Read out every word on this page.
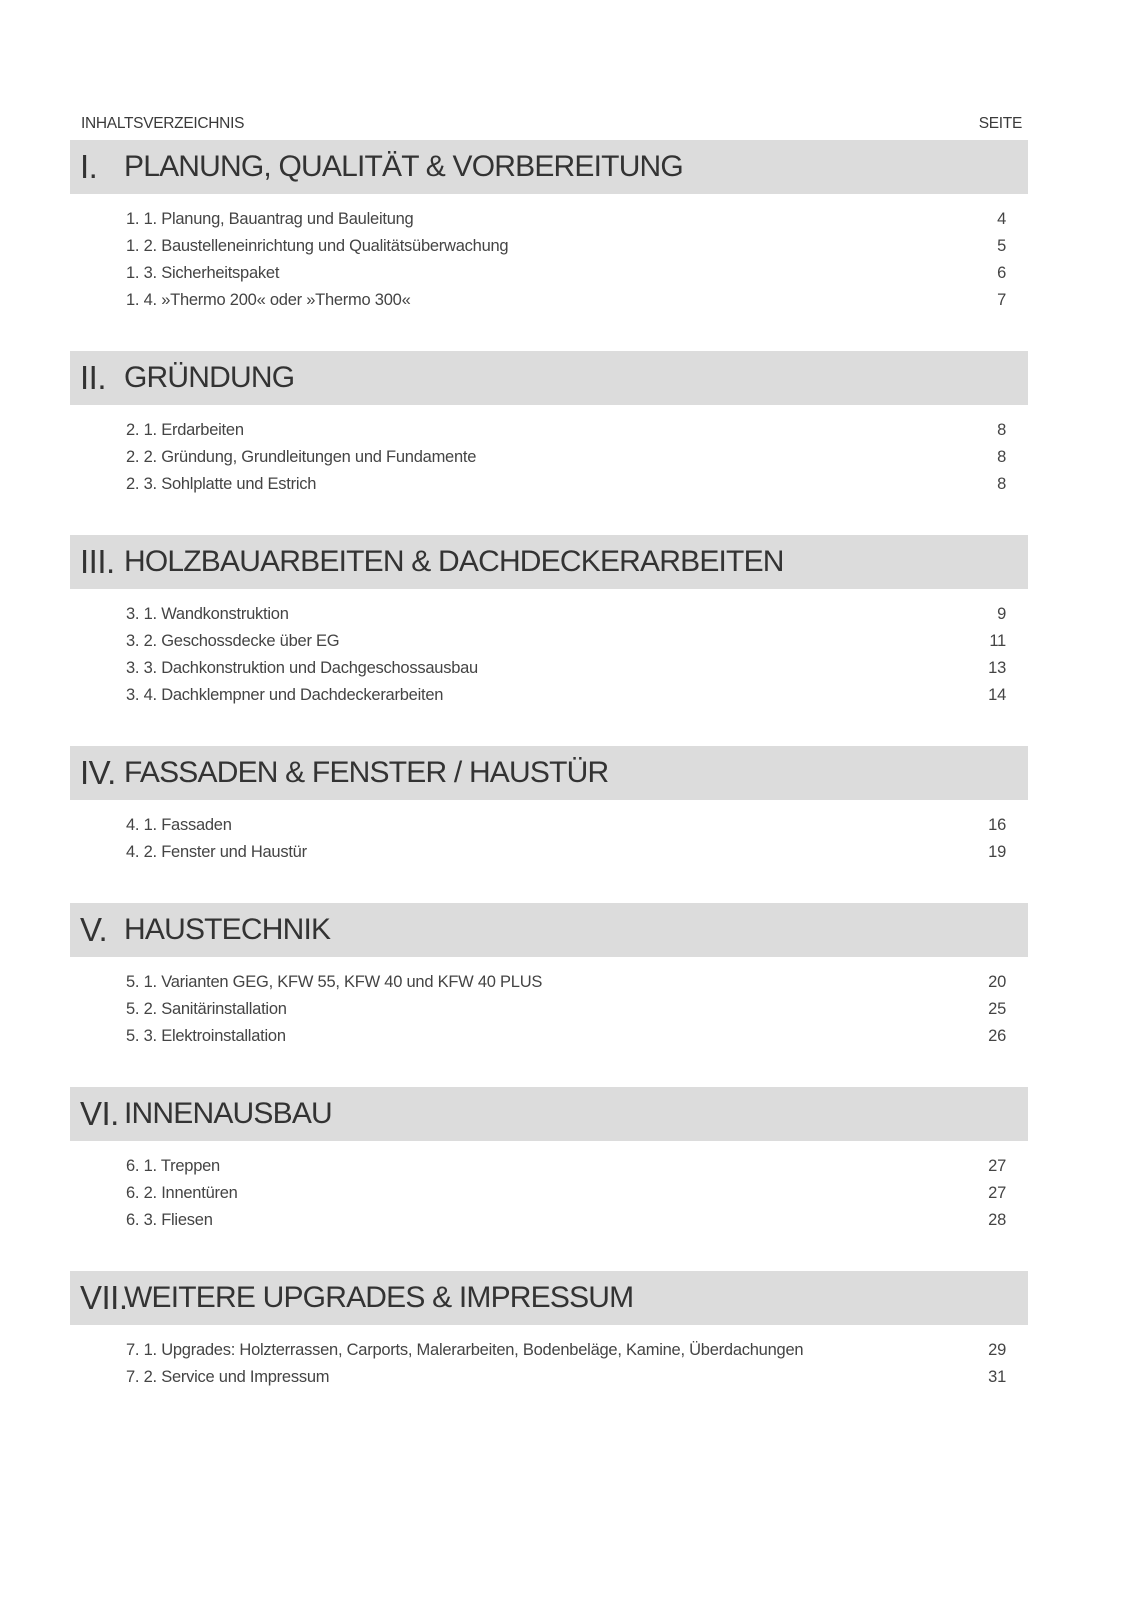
INHALTSVERZEICHNIS	SEITE
I. PLANUNG, QUALITÄT & VORBEREITUNG
1. 1. Planung, Bauantrag und Bauleitung	4
1. 2. Baustelleneinrichtung und Qualitätsüberwachung	5
1. 3. Sicherheitspaket	6
1. 4. »Thermo 200« oder »Thermo 300«	7
II. GRÜNDUNG
2. 1. Erdarbeiten	8
2. 2. Gründung, Grundleitungen und Fundamente	8
2. 3. Sohlplatte und Estrich	8
III. HOLZBAUARBEITEN & DACHDECKERARBEITEN
3. 1. Wandkonstruktion	9
3. 2. Geschossdecke über EG	11
3. 3. Dachkonstruktion und Dachgeschossausbau	13
3. 4. Dachklempner und Dachdeckerarbeiten	14
IV. FASSADEN & FENSTER / HAUSTÜR
4. 1. Fassaden	16
4. 2. Fenster und Haustür	19
V. HAUSTECHNIK
5. 1. Varianten GEG, KFW 55, KFW 40 und KFW 40 PLUS	20
5. 2. Sanitärinstallation	25
5. 3. Elektroinstallation	26
VI. INNENAUSBAU
6. 1. Treppen	27
6. 2. Innentüren	27
6. 3. Fliesen	28
VII.
WEITERE UPGRADES & IMPRESSUM
7. 1. Upgrades: Holzterrassen, Carports, Malerarbeiten, Bodenbeläge, Kamine, Überdachungen	29
7. 2. Service und Impressum	31
